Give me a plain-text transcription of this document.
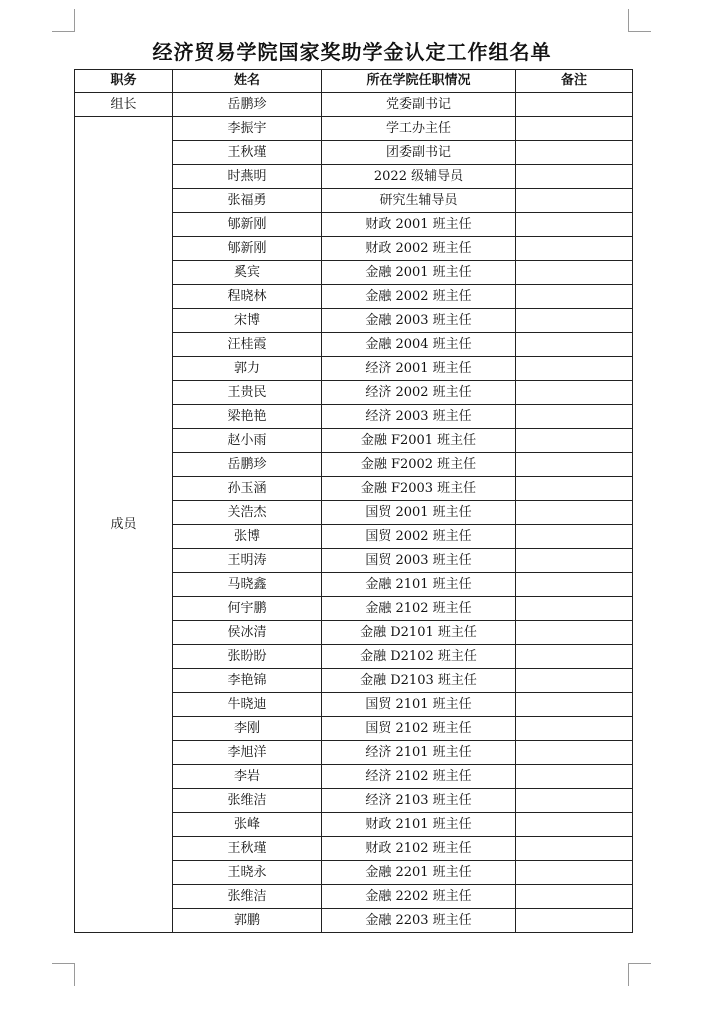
经济贸易学院国家奖助学金认定工作组名单
职务	姓名	所在学院任职情况	备注
组长	岳鹏珍	党委副书记	
成员	李振宇	学工办主任	
	王秋瑾	团委副书记	
	时燕明	2022 级辅导员	
	张福勇	研究生辅导员	
	郇新刚	财政 2001 班主任	
	郇新刚	财政 2002 班主任	
	奚宾	金融 2001 班主任	
	程晓林	金融 2002 班主任	
	宋博	金融 2003 班主任	
	汪桂霞	金融 2004 班主任	
	郭力	经济 2001 班主任	
	王贵民	经济 2002 班主任	
	梁艳艳	经济 2003 班主任	
	赵小雨	金融 F2001 班主任	
	岳鹏珍	金融 F2002 班主任	
	孙玉涵	金融 F2003 班主任	
	关浩杰	国贸 2001 班主任	
	张博	国贸 2002 班主任	
	王明涛	国贸 2003 班主任	
	马晓鑫	金融 2101 班主任	
	何宇鹏	金融 2102 班主任	
	侯冰清	金融 D2101 班主任	
	张盼盼	金融 D2102 班主任	
	李艳锦	金融 D2103 班主任	
	牛晓迪	国贸 2101 班主任	
	李刚	国贸 2102 班主任	
	李旭洋	经济 2101 班主任	
	李岩	经济 2102 班主任	
	张维洁	经济 2103 班主任	
	张峰	财政 2101 班主任	
	王秋瑾	财政 2102 班主任	
	王晓永	金融 2201 班主任	
	张维洁	金融 2202 班主任	
	郭鹏	金融 2203 班主任	
